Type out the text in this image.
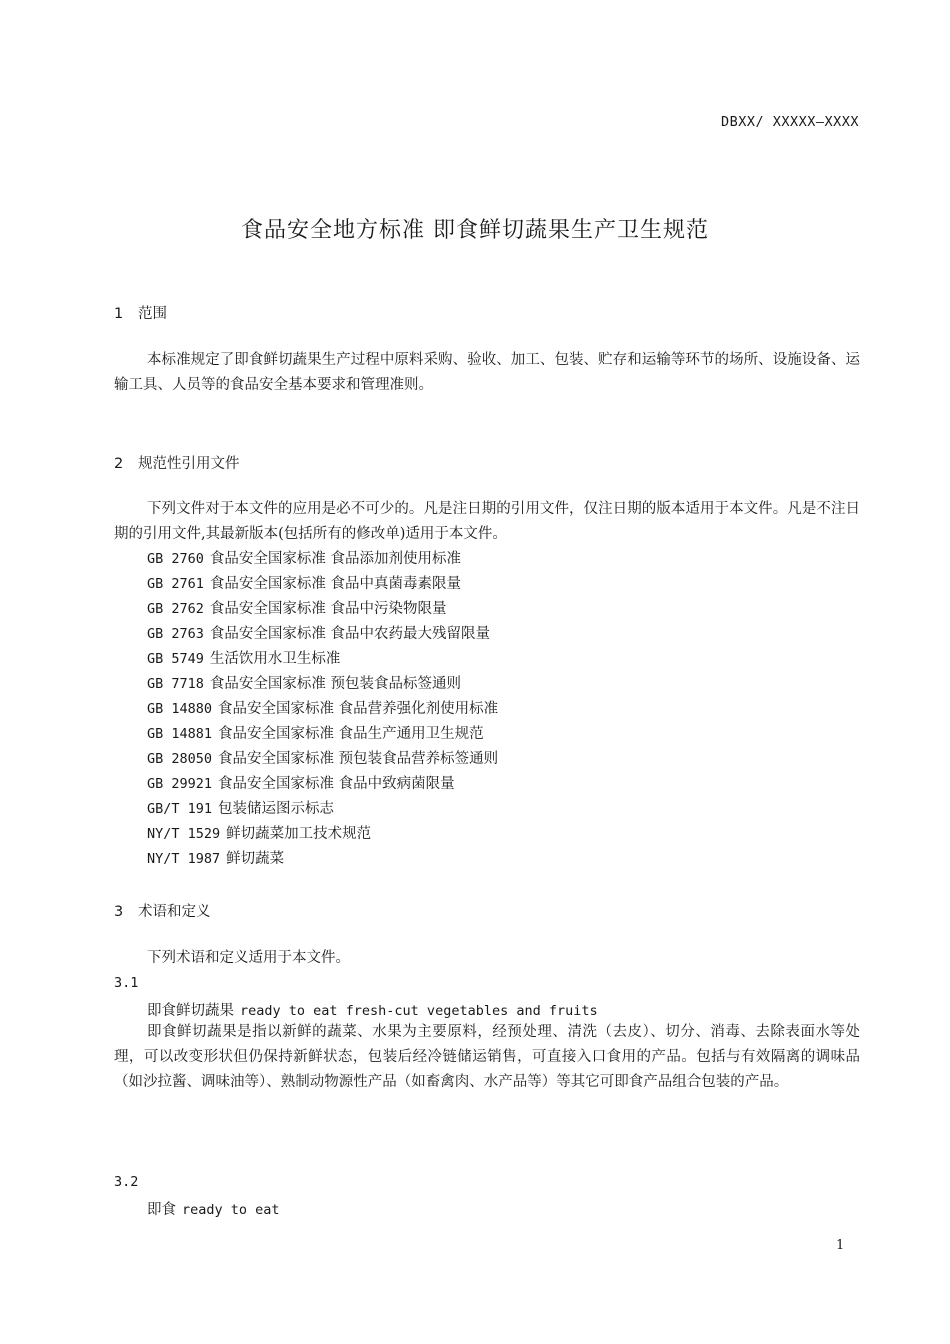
DBXX/ XXXXX—XXXX
食品安全地方标准 即食鲜切蔬果生产卫生规范
1 范围
本标准规定了即食鲜切蔬果生产过程中原料采购、验收、加工、包装、贮存和运输等环节的场所、设施设备、运输工具、人员等的食品安全基本要求和管理准则。
2 规范性引用文件
下列文件对于本文件的应用是必不可少的。凡是注日期的引用文件，仅注日期的版本适用于本文件。凡是不注日期的引用文件,其最新版本(包括所有的修改单)适用于本文件。
GB 2760 食品安全国家标准 食品添加剂使用标准
GB 2761 食品安全国家标准 食品中真菌毒素限量
GB 2762 食品安全国家标准 食品中污染物限量
GB 2763 食品安全国家标准 食品中农药最大残留限量
GB 5749 生活饮用水卫生标准
GB 7718 食品安全国家标准 预包装食品标签通则
GB 14880 食品安全国家标准 食品营养强化剂使用标准
GB 14881 食品安全国家标准 食品生产通用卫生规范
GB 28050 食品安全国家标准 预包装食品营养标签通则
GB 29921 食品安全国家标准 食品中致病菌限量
GB/T 191 包装储运图示标志
NY/T 1529 鲜切蔬菜加工技术规范
NY/T 1987 鲜切蔬菜
3 术语和定义
下列术语和定义适用于本文件。
3.1
即食鲜切蔬果 ready to eat fresh-cut vegetables and fruits
即食鲜切蔬果是指以新鲜的蔬菜、水果为主要原料，经预处理、清洗（去皮）、切分、消毒、去除表面水等处理，可以改变形状但仍保持新鲜状态，包装后经冷链储运销售，可直接入口食用的产品。包括与有效隔离的调味品（如沙拉酱、调味油等）、熟制动物源性产品（如畜禽肉、水产品等）等其它可即食产品组合包装的产品。
3.2
即食 ready to eat
1
